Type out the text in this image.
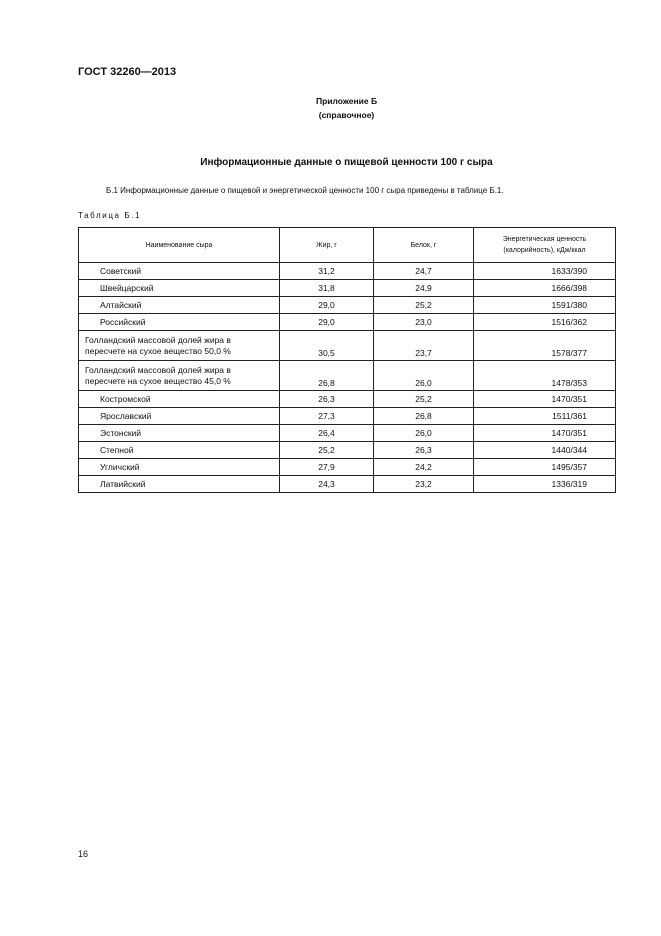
ГОСТ 32260—2013
Приложение Б
(справочное)
Информационные данные о пищевой ценности 100 г сыра
Б.1 Информационные данные о пищевой и энергетической ценности 100 г сыра приведены в таблице Б.1.
Таблица Б.1
Наименование сыра	Жир, г	Белок, г	Энергетическая ценность
(калорийность), кДж/ккал

Советский	31,2	24,7	1633/390
Швейцарский	31,8	24,9	1666/398
Алтайский	29,0	25,2	1591/380
Российский	29,0	23,0	1516/362

Голландский массовой долей жира в
пересчете на сухое вещество 50,0 %	30,5	23,7	1578/377

Голландский массовой долей жира в
пересчете на сухое вещество 45,0 %	26,8	26,0	1478/353
Костромской	26,3	25,2	1470/351
Ярославский	27,3	26,8	1511/361
Эстонский	26,4	26,0	1470/351
Степной	25,2	26,3	1440/344
Угличский	27,9	24,2	1495/357
Латвийский	24,3	23,2	1336/319
16
